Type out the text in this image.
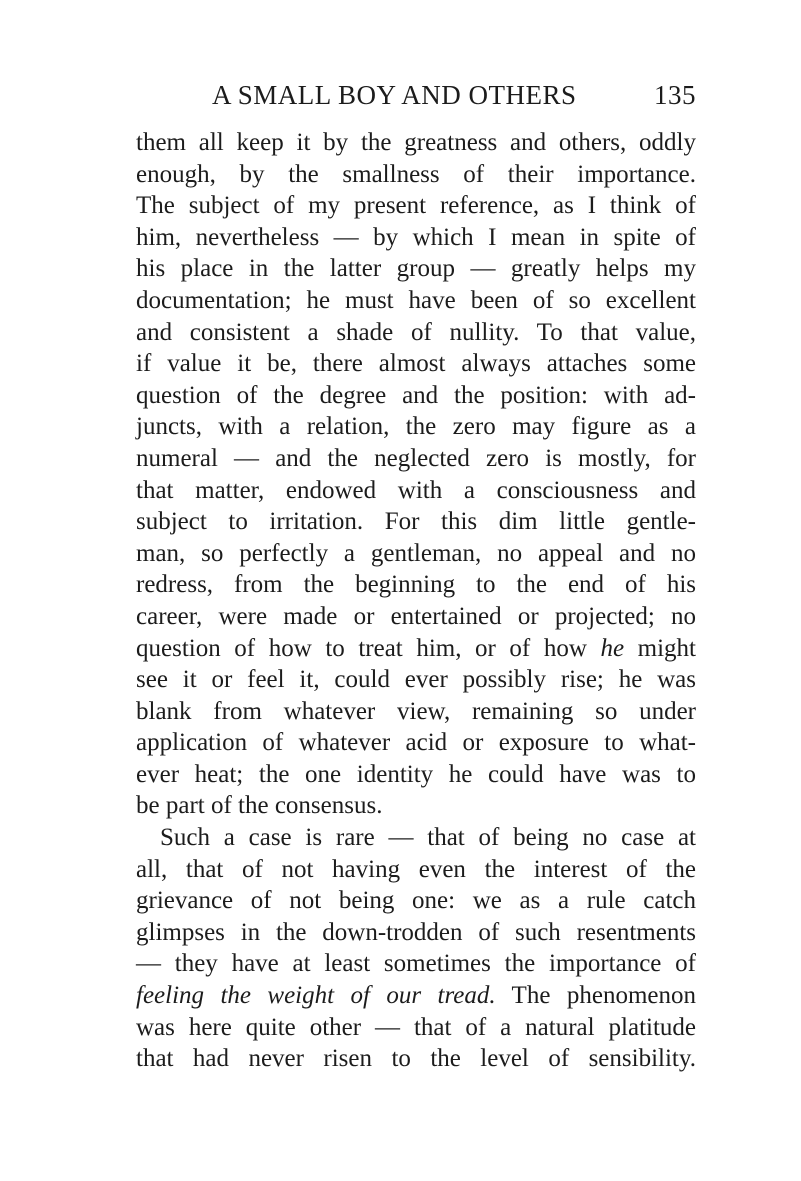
A SMALL BOY AND OTHERS	135
them all keep it by the greatness and others, oddly
enough, by the smallness of their importance.
The subject of my present reference, as I think of
him, nevertheless — by which I mean in spite of
his place in the latter group — greatly helps my
documentation; he must have been of so excellent
and consistent a shade of nullity. To that value,
if value it be, there almost always attaches some
question of the degree and the position: with ad-
juncts, with a relation, the zero may figure as a
numeral — and the neglected zero is mostly, for
that matter, endowed with a consciousness and
subject to irritation. For this dim little gentle-
man, so perfectly a gentleman, no appeal and no
redress, from the beginning to the end of his
career, were made or entertained or projected; no
question of how to treat him, or of how he might
see it or feel it, could ever possibly rise; he was
blank from whatever view, remaining so under
application of whatever acid or exposure to what-
ever heat; the one identity he could have was to
be part of the consensus.
Such a case is rare — that of being no case at
all, that of not having even the interest of the
grievance of not being one: we as a rule catch
glimpses in the down-trodden of such resentments
— they have at least sometimes the importance of
feeling the weight of our tread. The phenomenon
was here quite other — that of a natural platitude
that had never risen to the level of sensibility.
